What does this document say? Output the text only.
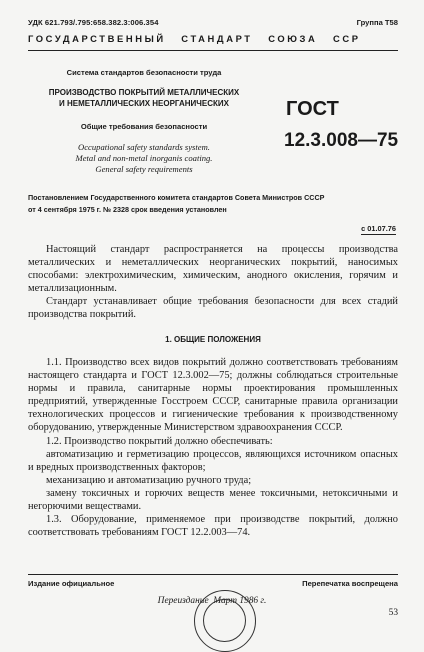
УДК 621.793/.795:658.382.3:006.354	Группа Т58
ГОСУДАРСТВЕННЫЙ   СТАНДАРТ   СОЮЗА   ССР
Система стандартов безопасности труда
ПРОИЗВОДСТВО ПОКРЫТИЙ МЕТАЛЛИЧЕСКИХ
И НЕМЕТАЛЛИЧЕСКИХ НЕОРГАНИЧЕСКИХ
Общие требования безопасности
Occupational safety standards system.
Metal and non-metal inorganis coating.
General safety requirements
ГОСТ
12.3.008—75
Постановлением Государственного комитета стандартов Совета Министров СССР
от 4 сентября 1975 г. № 2328 срок введения установлен
с 01.07.76

Настоящий стандарт распространяется на процессы производства металлических и неметаллических неорганических покрытий, наносимых способами: электрохимическим, химическим, анодного окисления, горячим и металлизационным.

Стандарт устанавливает общие требования безопасности для всех стадий производства покрытий.

1. ОБЩИЕ ПОЛОЖЕНИЯ

1.1. Производство всех видов покрытий должно соответствовать требованиям настоящего стандарта и ГОСТ 12.3.002—75; должны соблюдаться строительные нормы и правила, санитарные нормы проектирования промышленных предприятий, утвержденные Госстроем СССР, санитарные правила организации технологических процессов и гигиенические требования к производственному оборудованию, утвержденные Министерством здравоохранения СССР.

1.2. Производство покрытий должно обеспечивать:

автоматизацию и герметизацию процессов, являющихся источником опасных и вредных производственных факторов;

механизацию и автоматизацию ручного труда;

замену токсичных и горючих веществ менее токсичными, нетоксичными и негорючими веществами.

1.3. Оборудование, применяемое при производстве покрытий, должно соответствовать требованиям ГОСТ 12.2.003—74.

Издание официальное	Перепечатка воспрещена
Переиздание  Март 1986 г.
53
